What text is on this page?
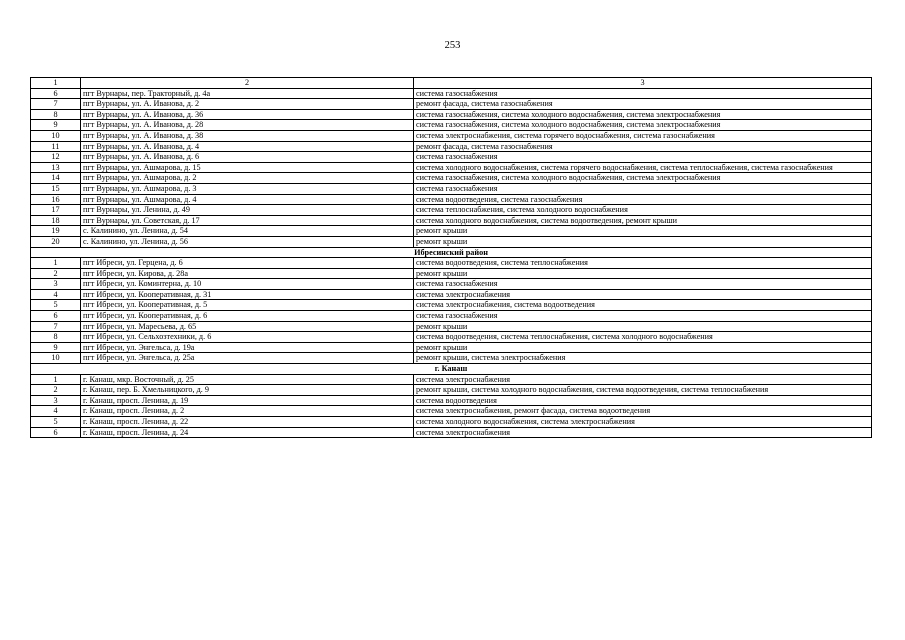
253
1	2	3
6	пгт Вурнары, пер. Тракторный, д. 4а	система газоснабжения
7	пгт Вурнары, ул. А. Иванова, д. 2	ремонт фасада, система газоснабжения
8	пгт Вурнары, ул. А. Иванова, д. 36	система газоснабжения, система холодного водоснабжения, система электроснабжения
9	пгт Вурнары, ул. А. Иванова, д. 28	система газоснабжения, система холодного водоснабжения, система электроснабжения
10	пгт Вурнары, ул. А. Иванова, д. 38	система электроснабжения, система горячего водоснабжения, система газоснабжения
11	пгт Вурнары, ул. А. Иванова, д. 4	ремонт фасада, система газоснабжения
12	пгт Вурнары, ул. А. Иванова, д. 6	система газоснабжения
13	пгт Вурнары, ул. Ашмарова, д. 15	система холодного водоснабжения, система горячего водоснабжения, система теплоснабжения, система газоснабжения
14	пгт Вурнары, ул. Ашмарова, д. 2	система газоснабжения, система холодного водоснабжения, система электроснабжения
15	пгт Вурнары, ул. Ашмарова, д. 3	система газоснабжения
16	пгт Вурнары, ул. Ашмарова, д. 4	система водоотведения, система газоснабжения
17	пгт Вурнары, ул. Ленина, д. 49	система теплоснабжения, система холодного водоснабжения
18	пгт Вурнары, ул. Советская, д. 17	система холодного водоснабжения, система водоотведения, ремонт крыши
19	с. Калинино, ул. Ленина, д. 54	ремонт крыши
20	с. Калинино, ул. Ленина, д. 56	ремонт крыши
Ибресинский район		
1	пгт Ибреси, ул. Герцена, д. 6	система водоотведения, система теплоснабжения
2	пгт Ибреси, ул. Кирова, д. 28а	ремонт крыши
3	пгт Ибреси, ул. Коминтерна, д. 10	система газоснабжения
4	пгт Ибреси, ул. Кооперативная, д. 31	система электроснабжения
5	пгт Ибреси, ул. Кооперативная, д. 5	система электроснабжения, система водоотведения
6	пгт Ибреси, ул. Кооперативная, д. 6	система газоснабжения
7	пгт Ибреси, ул. Маресьева, д. 65	ремонт крыши
8	пгт Ибреси, ул. Сельхозтехники, д. 6	система водоотведения, система теплоснабжения, система холодного водоснабжения
9	пгт Ибреси, ул. Энгельса, д. 19а	ремонт крыши
10	пгт Ибреси, ул. Энгельса, д. 25а	ремонт крыши, система электроснабжения
г. Канаш		
1	г. Канаш, мкр. Восточный, д. 25	система электроснабжения
2	г. Канаш, пер. Б. Хмельницкого, д. 9	ремонт крыши, система холодного водоснабжения, система водоотведения, система теплоснабжения
3	г. Канаш, просп. Ленина, д. 19	система водоотведения
4	г. Канаш, просп. Ленина, д. 2	система электроснабжения, ремонт фасада, система водоотведения
5	г. Канаш, просп. Ленина, д. 22	система холодного водоснабжения, система электроснабжения
6	г. Канаш, просп. Ленина, д. 24	система электроснабжения
